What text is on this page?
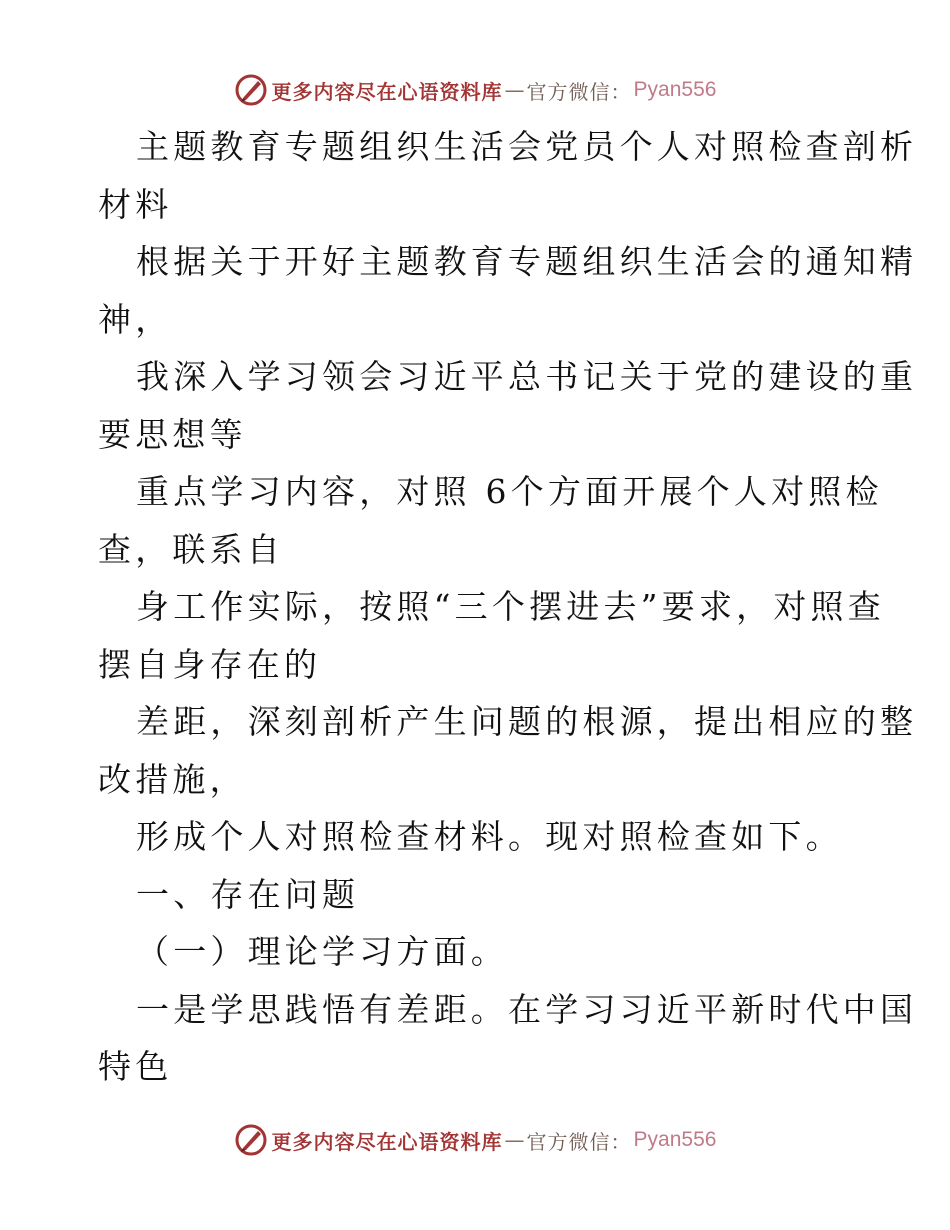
更多内容尽在心语资料库 — 官方微信： Pyan556
主题教育专题组织生活会党员个人对照检查剖析
材料
根据关于开好主题教育专题组织生活会的通知精
神，
我深入学习领会习近平总书记关于党的建设的重
要思想等
重点学习内容，对照 6个方面开展个人对照检
查，联系自
身工作实际，按照“三个摆进去”要求，对照查
摆自身存在的
差距，深刻剖析产生问题的根源，提出相应的整
改措施，
形成个人对照检查材料。现对照检查如下。
一、存在问题
（一）理论学习方面。
一是学思践悟有差距。在学习习近平新时代中国
特色
更多内容尽在心语资料库 — 官方微信： Pyan556
